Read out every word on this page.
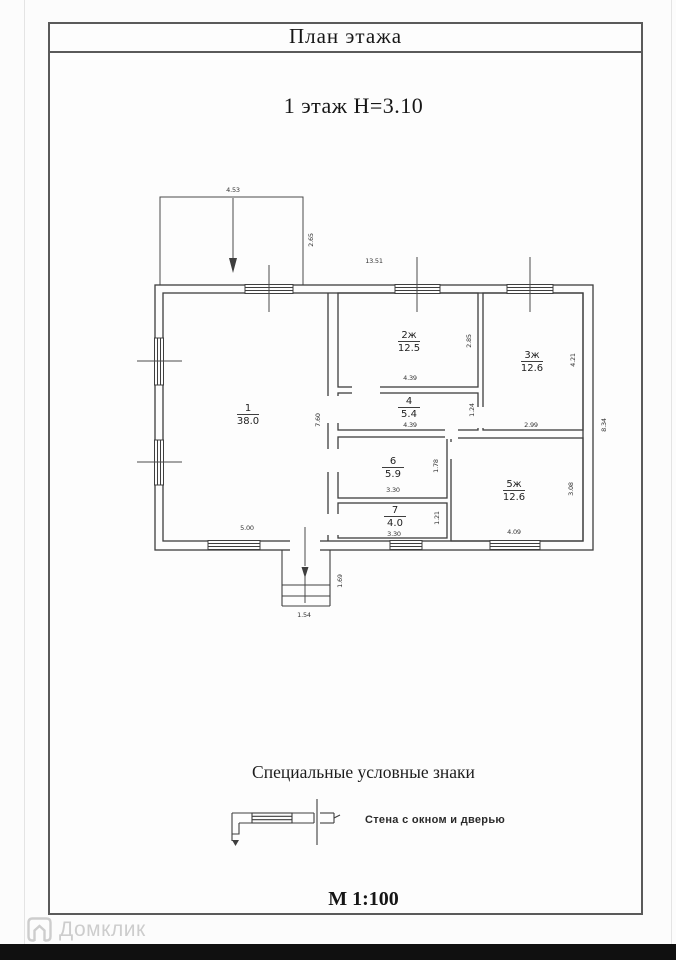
План этажа
1 этаж Н=3.10
4.53
2.65
13.51
8.34
5.00
7.60
4.39
2.85
2.99
4.21
4.39
1.24
4.09
3.08
3.30
1.78
3.30
1.21
1.54
1.69
1
38.0
2ж
12.5
3ж
12.6
4
5.4
5ж
12.6
6
5.9
7
4.0
Специальные условные знаки
Стена с окном и дверью
М 1:100
Домклик
